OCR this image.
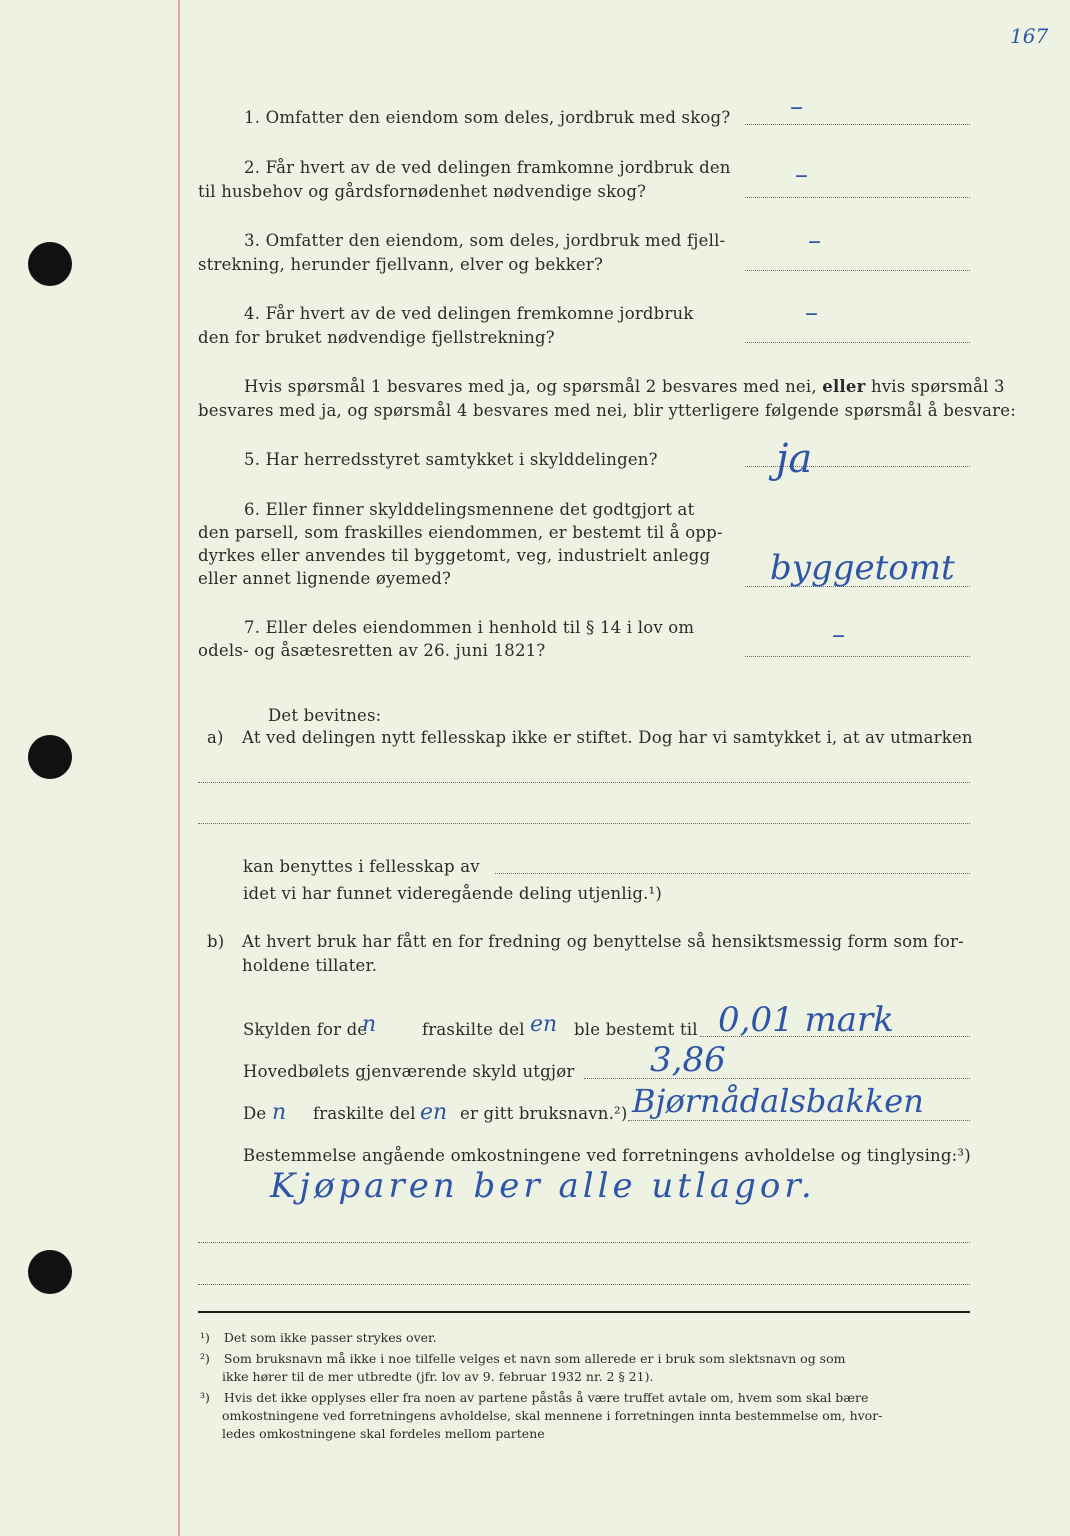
167
1. Omfatter den eiendom som deles, jordbruk med skog? –
2. Får hvert av de ved delingen framkomne jordbruk den
til husbehov og gårdsfornødenhet nødvendige skog?
–
3. Omfatter den eiendom, som deles, jordbruk med fjell-
strekning, herunder fjellvann, elver og bekker?
–
4. Får hvert av de ved delingen fremkomne jordbruk
den for bruket nødvendige fjellstrekning?
–
Hvis spørsmål 1 besvares med ja, og spørsmål 2 besvares med nei, eller hvis spørsmål 3
besvares med ja, og spørsmål 4 besvares med nei, blir ytterligere følgende spørsmål å besvare:
5. Har herredsstyret samtykket i skylddelingen?	ja
6. Eller finner skylddelingsmennene det godtgjort at
den parsell, som fraskilles eiendommen, er bestemt til å opp-
dyrkes eller anvendes til byggetomt, veg, industrielt anlegg
eller annet lignende øyemed?	byggetomt
7. Eller deles eiendommen i henhold til § 14 i lov om
odels- og åsætesretten av 26. juni 1821?
–
Det bevitnes:
a) At ved delingen nytt fellesskap ikke er stiftet. Dog har vi samtykket i, at av utmarken
kan benyttes i fellesskap av
idet vi har funnet videregående deling utjenlig.¹)
b) At hvert bruk har fått en for fredning og benyttelse så hensiktsmessig form som for-
holdene tillater.
Skylden for de
n	fraskilte del en ble bestemt til 0,01 mark
Hovedbølets gjenværende skyld utgjør 3,86
De n fraskilte del en er gitt bruksnavn.²) Bjørnådalsbakken
Bestemmelse angående omkostningene ved forretningens avholdelse og tinglysing:³)
Kjøparen ber alle utlagor.
¹) Det som ikke passer strykes over.
²) Som bruksnavn må ikke i noe tilfelle velges et navn som allerede er i bruk som slektsnavn og som
ikke hører til de mer utbredte (jfr. lov av 9. februar 1932 nr. 2 § 21).
³) Hvis det ikke opplyses eller fra noen av partene påstås å være truffet avtale om, hvem som skal bære
omkostningene ved forretningens avholdelse, skal mennene i forretningen innta bestemmelse om, hvor-
ledes omkostningene skal fordeles mellom partene
